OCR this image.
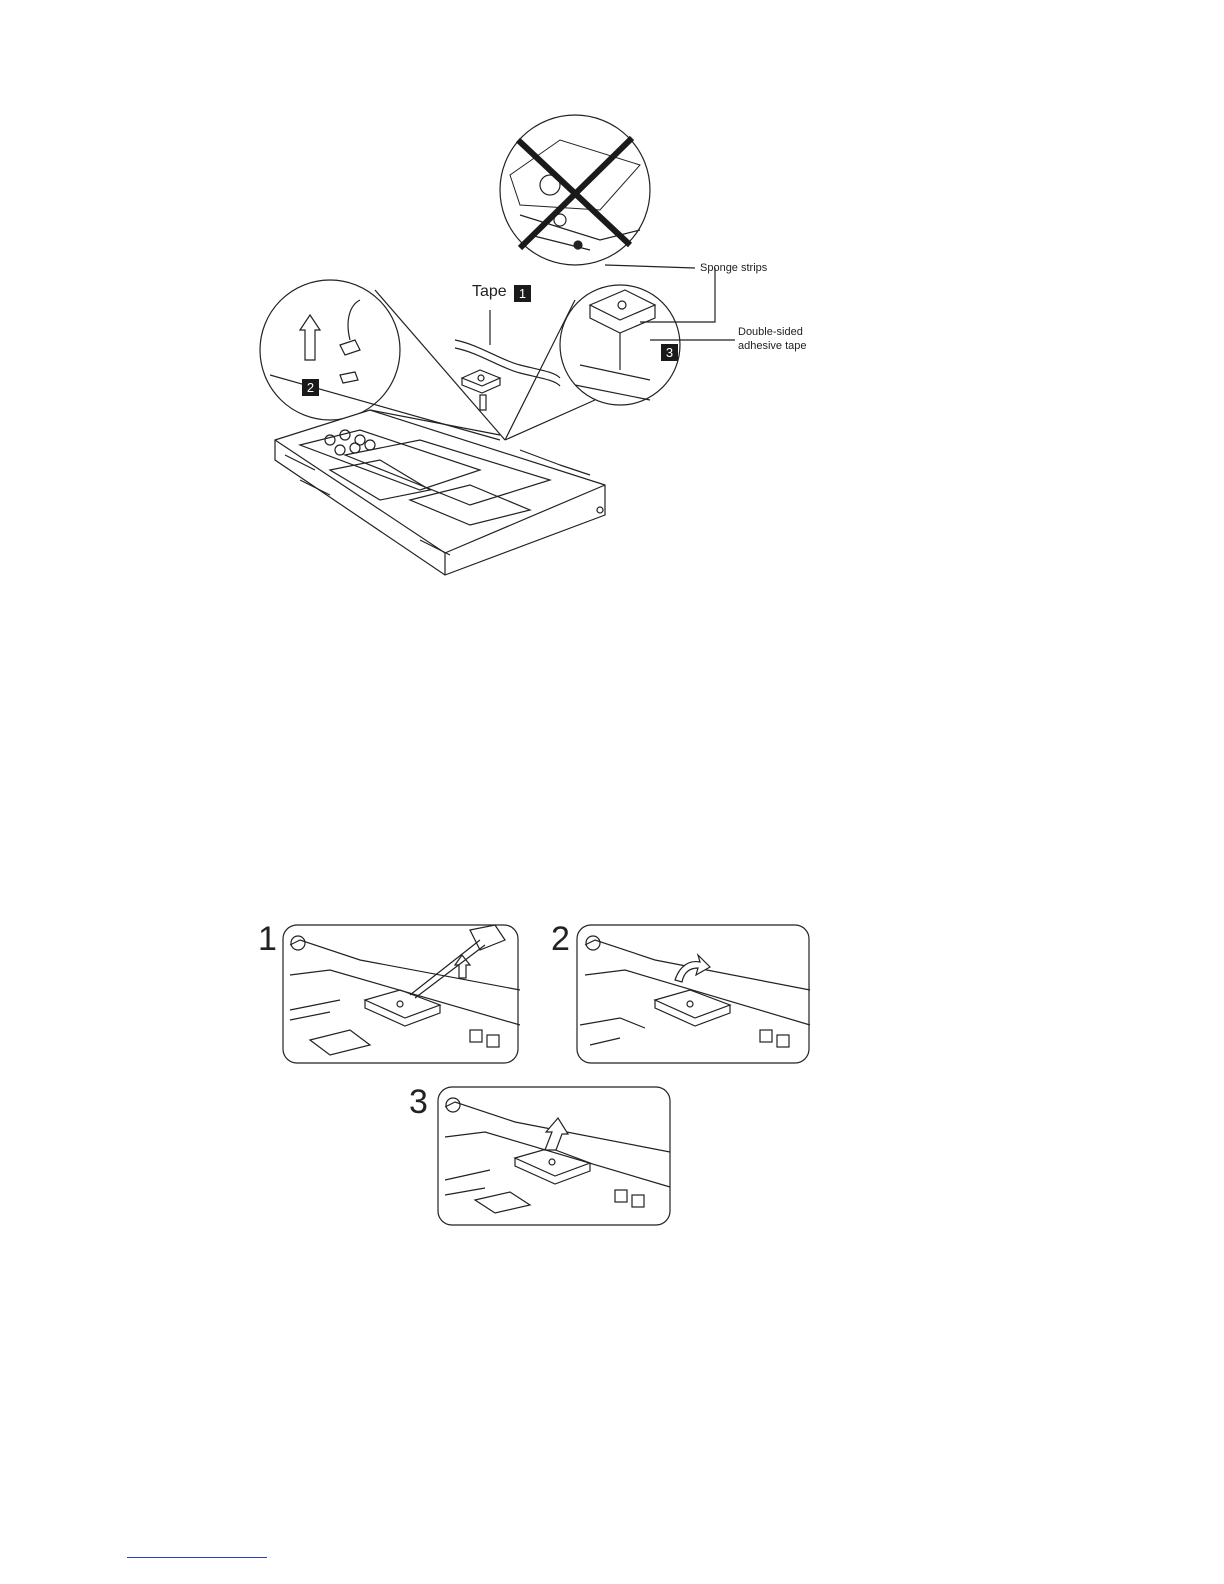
Tape 1
2
3
Sponge strips
Double-sided
adhesive tape
1	2
3
